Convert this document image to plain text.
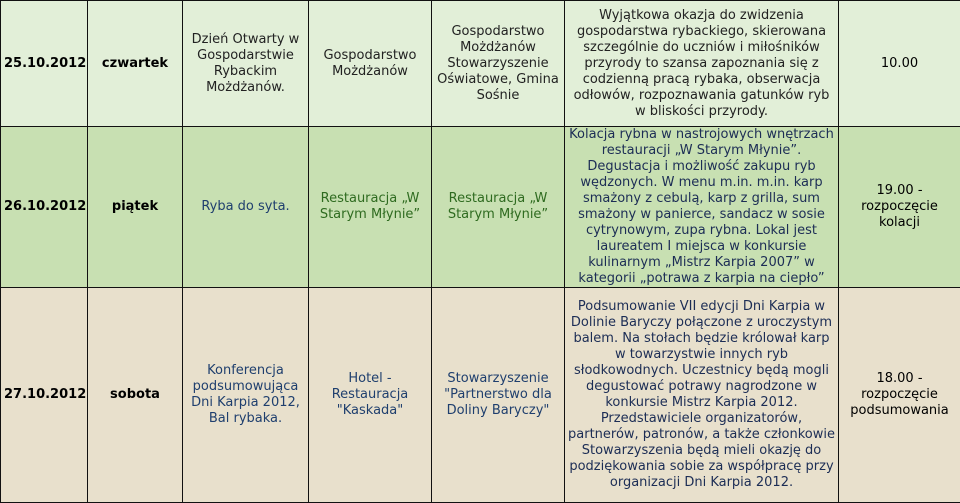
25.10.2012	czwartek	Dzień Otwarty w Gospodarstwie Rybackim Możdżanów.	Gospodarstwo Możdżanów	Gospodarstwo Możdżanów Stowarzyszenie Oświatowe, Gmina Sośnie	Wyjątkowa okazja do zwidzenia gospodarstwa rybackiego, skierowana szczególnie do uczniów i miłośników przyrody to szansa zapoznania się z codzienną pracą rybaka, obserwacja odłowów, rozpoznawania gatunków ryb w bliskości przyrody.	10.00
26.10.2012	piątek	Ryba do syta.	Restauracja „W Starym Młynie”	Restauracja „W Starym Młynie”	Kolacja rybna w nastrojowych wnętrzach restauracji „W Starym Młynie”. Degustacja i możliwość zakupu ryb wędzonych. W menu m.in. m.in. karp smażony z cebulą, karp z grilla, sum smażony w panierce, sandacz w sosie cytrynowym, zupa rybna. Lokal jest laureatem I miejsca w konkursie kulinarnym „Mistrz Karpia 2007” w kategorii „potrawa z karpia na ciepło”	19.00 - rozpoczęcie kolacji
27.10.2012	sobota	Konferencja podsumowująca Dni Karpia 2012, Bal rybaka.	Hotel - Restauracja "Kaskada"	Stowarzyszenie "Partnerstwo dla Doliny Baryczy"	Podsumowanie VII edycji Dni Karpia w Dolinie Baryczy połączone z uroczystym balem. Na stołach będzie królował karp w towarzystwie innych ryb słodkowodnych. Uczestnicy będą mogli degustować potrawy nagrodzone w konkursie Mistrz Karpia 2012. Przedstawiciele organizatorów, partnerów, patronów, a także członkowie Stowarzyszenia będą mieli okazję do podziękowania sobie za współpracę przy organizacji Dni Karpia 2012.	18.00 - rozpoczęcie podsumowania
